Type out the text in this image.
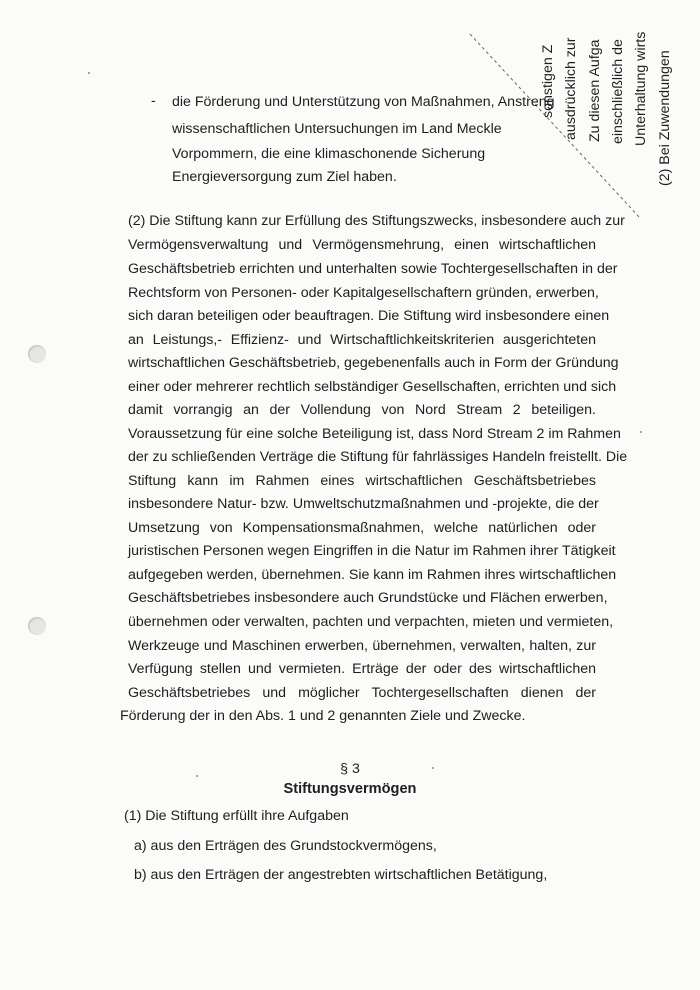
sonstigen Z ausdrücklich zur Zu diesen Aufga einschließlich de Unterhaltung wirts (2) Bei Zuwendungen
- die Förderung und Unterstützung von Maßnahmen, Anstreng
wissenschaftlichen Untersuchungen im Land Meckle
Vorpommern, die eine klimaschonende Sicherung
Energieversorgung zum Ziel haben.
(2) Die Stiftung kann zur Erfüllung des Stiftungszwecks, insbesondere auch zur
Vermögensverwaltung und Vermögensmehrung, einen wirtschaftlichen
Geschäftsbetrieb errichten und unterhalten sowie Tochtergesellschaften in der
Rechtsform von Personen- oder Kapitalgesellschaftern gründen, erwerben,
sich daran beteiligen oder beauftragen. Die Stiftung wird insbesondere einen
an Leistungs,- Effizienz- und Wirtschaftlichkeitskriterien ausgerichteten
wirtschaftlichen Geschäftsbetrieb, gegebenenfalls auch in Form der Gründung
einer oder mehrerer rechtlich selbständiger Gesellschaften, errichten und sich
damit vorrangig an der Vollendung von Nord Stream 2 beteiligen.
Voraussetzung für eine solche Beteiligung ist, dass Nord Stream 2 im Rahmen
der zu schließenden Verträge die Stiftung für fahrlässiges Handeln freistellt. Die
Stiftung kann im Rahmen eines wirtschaftlichen Geschäftsbetriebes
insbesondere Natur- bzw. Umweltschutzmaßnahmen und -projekte, die der
Umsetzung von Kompensationsmaßnahmen, welche natürlichen oder
juristischen Personen wegen Eingriffen in die Natur im Rahmen ihrer Tätigkeit
aufgegeben werden, übernehmen. Sie kann im Rahmen ihres wirtschaftlichen
Geschäftsbetriebes insbesondere auch Grundstücke und Flächen erwerben,
übernehmen oder verwalten, pachten und verpachten, mieten und vermieten,
Werkzeuge und Maschinen erwerben, übernehmen, verwalten, halten, zur
Verfügung stellen und vermieten. Erträge der oder des wirtschaftlichen
Geschäftsbetriebes und möglicher Tochtergesellschaften dienen der
Förderung der in den Abs. 1 und 2 genannten Ziele und Zwecke.
§ 3
Stiftungsvermögen
(1) Die Stiftung erfüllt ihre Aufgaben
a) aus den Erträgen des Grundstockvermögens,
b) aus den Erträgen der angestrebten wirtschaftlichen Betätigung,
